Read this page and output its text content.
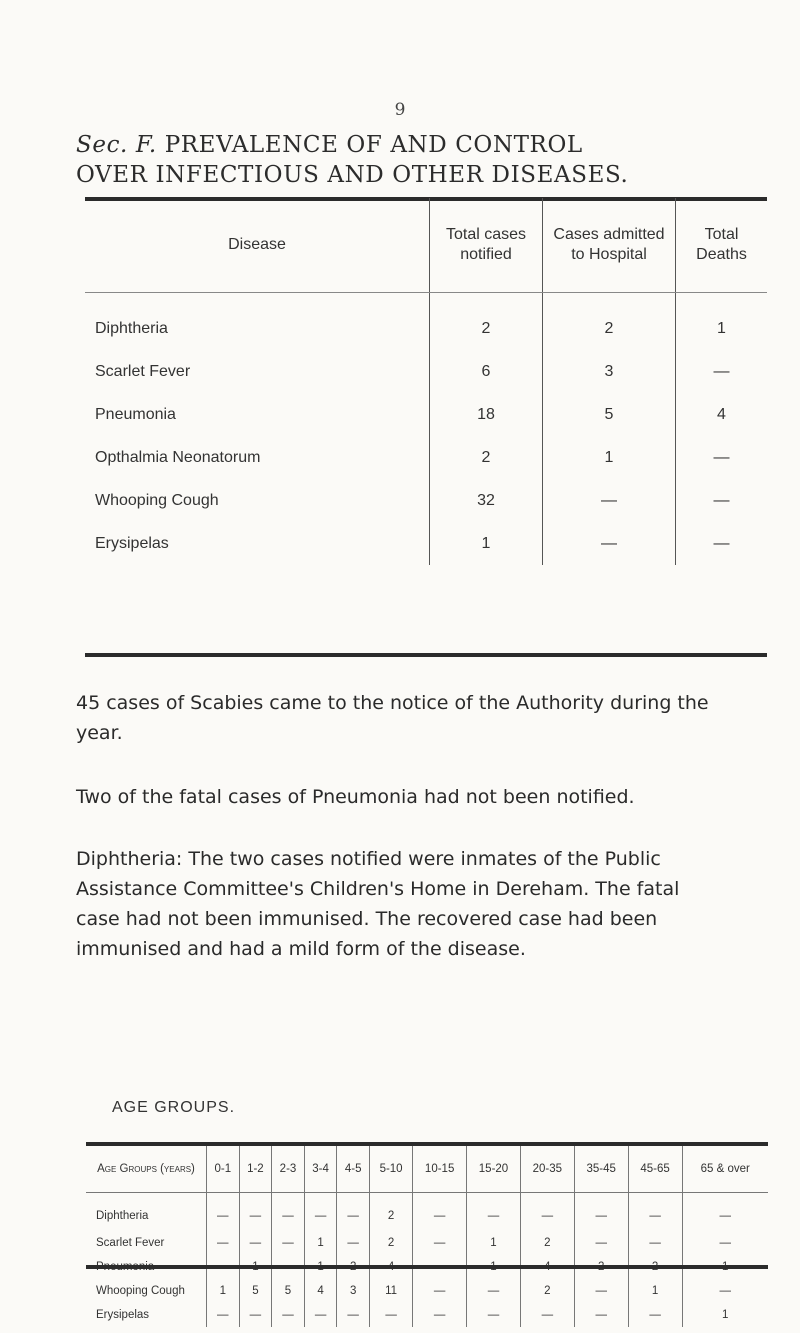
9
Sec. F. PREVALENCE OF AND CONTROL
OVER INFECTIOUS AND OTHER DISEASES.
Disease	Total cases notified	Cases admitted to Hospital	Total Deaths
Diphtheria	2	2	1
Scarlet Fever	6	3	—
Pneumonia	18	5	4
Opthalmia Neonatorum	2	1	—
Whooping Cough	32	—	—
Erysipelas	1	—	—

45 cases of Scabies came to the notice of the Authority during the year.

Two of the fatal cases of Pneumonia had not been notified.

Diphtheria: The two cases notified were inmates of the Public Assistance Committee's Children's Home in Dereham. The fatal case had not been immunised. The recovered case had been immunised and had a mild form of the disease.

AGE GROUPS.
Age Groups (years)	0-1	1-2	2-3	3-4	4-5	5-10	10-15	15-20	20-35	35-45	45-65	65 & over
Diphtheria	—	—	—	—	—	2	—	—	—	—	—	—
Scarlet Fever	—	—	—	1	—	2	—	1	2	—	—	—
Pneumonia	—	1	—	1	2	4	—	1	4	2	2	1
Whooping Cough	1	5	5	4	3	11	—	—	2	—	1	—
Erysipelas	—	—	—	—	—	—	—	—	—	—	—	1
